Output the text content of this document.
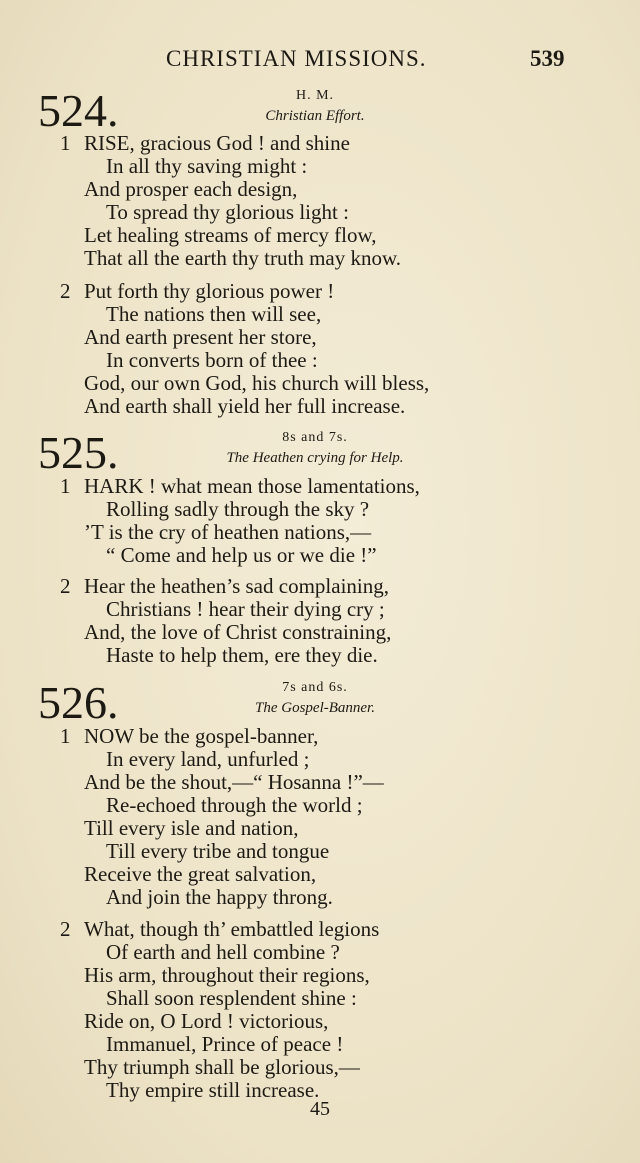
CHRISTIAN MISSIONS.	539
524.	H. M.
Christian Effort.
1 RISE, gracious God ! and shine
In all thy saving might :
And prosper each design,
To spread thy glorious light :
Let healing streams of mercy flow,
That all the earth thy truth may know.
2 Put forth thy glorious power !
The nations then will see,
And earth present her store,
In converts born of thee :
God, our own God, his church will bless,
And earth shall yield her full increase.
525.	8s and 7s.
The Heathen crying for Help.
1 HARK ! what mean those lamentations,
Rolling sadly through the sky ?
’T is the cry of heathen nations,—
“ Come and help us or we die !”
2 Hear the heathen’s sad complaining,
Christians ! hear their dying cry ;
And, the love of Christ constraining,
Haste to help them, ere they die.
526.	7s and 6s.
The Gospel-Banner.
1 NOW be the gospel-banner,
In every land, unfurled ;
And be the shout,—“ Hosanna !”—
Re-echoed through the world ;
Till every isle and nation,
Till every tribe and tongue
Receive the great salvation,
And join the happy throng.
2 What, though th’ embattled legions
Of earth and hell combine ?
His arm, throughout their regions,
Shall soon resplendent shine :
Ride on, O Lord ! victorious,
Immanuel, Prince of peace !
Thy triumph shall be glorious,—
Thy empire still increase.
45
